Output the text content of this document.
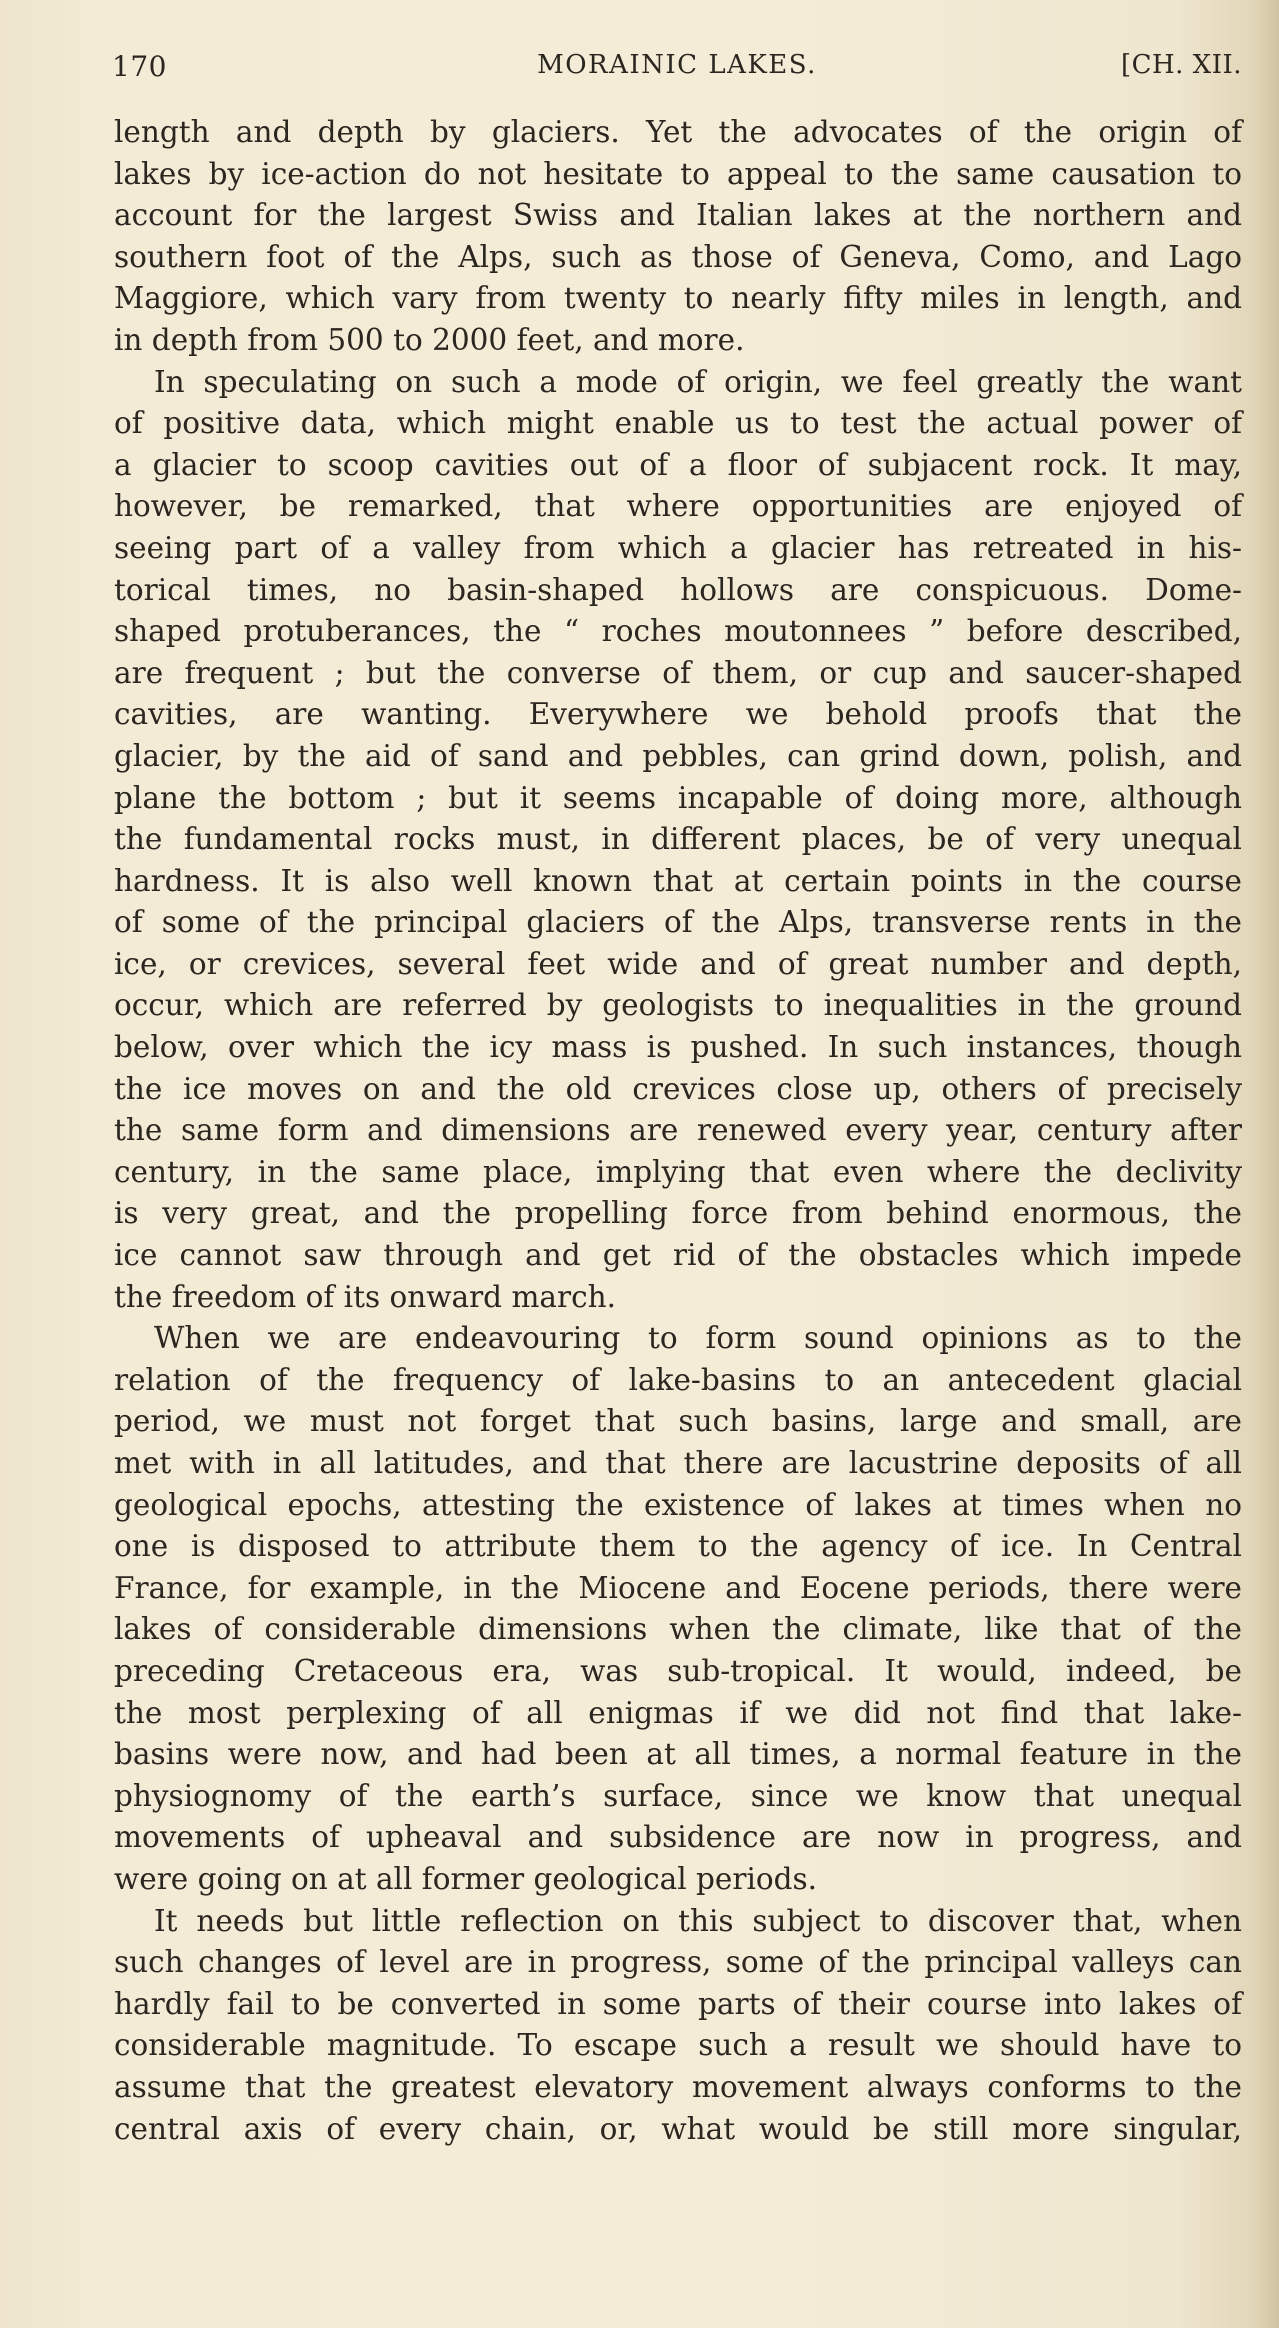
170	MORAINIC LAKES.	[CH. XII.
length and depth by glaciers. Yet the advocates of the origin of
lakes by ice-action do not hesitate to appeal to the same causation to
account for the largest Swiss and Italian lakes at the northern and
southern foot of the Alps, such as those of Geneva, Como, and Lago
Maggiore, which vary from twenty to nearly fifty miles in length, and
in depth from 500 to 2000 feet, and more.
In speculating on such a mode of origin, we feel greatly the want
of positive data, which might enable us to test the actual power of
a glacier to scoop cavities out of a floor of subjacent rock. It may,
however, be remarked, that where opportunities are enjoyed of
seeing part of a valley from which a glacier has retreated in his-
torical times, no basin-shaped hollows are conspicuous. Dome-
shaped protuberances, the “ roches moutonnees ” before described,
are frequent ; but the converse of them, or cup and saucer-shaped
cavities, are wanting. Everywhere we behold proofs that the
glacier, by the aid of sand and pebbles, can grind down, polish, and
plane the bottom ; but it seems incapable of doing more, although
the fundamental rocks must, in different places, be of very unequal
hardness. It is also well known that at certain points in the course
of some of the principal glaciers of the Alps, transverse rents in the
ice, or crevices, several feet wide and of great number and depth,
occur, which are referred by geologists to inequalities in the ground
below, over which the icy mass is pushed. In such instances, though
the ice moves on and the old crevices close up, others of precisely
the same form and dimensions are renewed every year, century after
century, in the same place, implying that even where the declivity
is very great, and the propelling force from behind enormous, the
ice cannot saw through and get rid of the obstacles which impede
the freedom of its onward march.
When we are endeavouring to form sound opinions as to the
relation of the frequency of lake-basins to an antecedent glacial
period, we must not forget that such basins, large and small, are
met with in all latitudes, and that there are lacustrine deposits of all
geological epochs, attesting the existence of lakes at times when no
one is disposed to attribute them to the agency of ice. In Central
France, for example, in the Miocene and Eocene periods, there were
lakes of considerable dimensions when the climate, like that of the
preceding Cretaceous era, was sub-tropical. It would, indeed, be
the most perplexing of all enigmas if we did not find that lake-
basins were now, and had been at all times, a normal feature in the
physiognomy of the earth’s surface, since we know that unequal
movements of upheaval and subsidence are now in progress, and
were going on at all former geological periods.
It needs but little reflection on this subject to discover that, when
such changes of level are in progress, some of the principal valleys can
hardly fail to be converted in some parts of their course into lakes of
considerable magnitude. To escape such a result we should have to
assume that the greatest elevatory movement always conforms to the
central axis of every chain, or, what would be still more singular,
